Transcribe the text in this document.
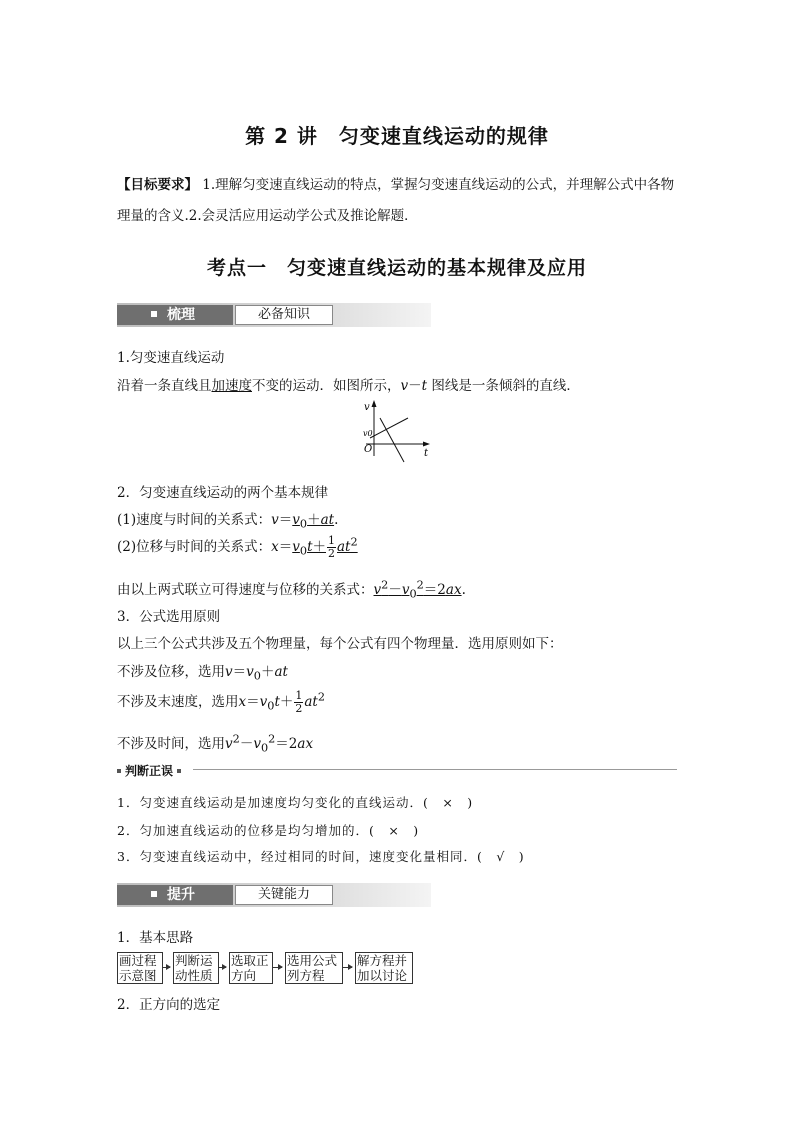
第 2 讲　匀变速直线运动的规律
【目标要求】 1.理解匀变速直线运动的特点，掌握匀变速直线运动的公式，并理解公式中各物理量的含义.2.会灵活应用运动学公式及推论解题．
考点一　匀变速直线运动的基本规律及应用
梳理	必备知识
1.匀变速直线运动
沿着一条直线且加速度不变的运动．如图所示，v－t 图线是一条倾斜的直线．
v
v0
O	t
2．匀变速直线运动的两个基本规律
(1)速度与时间的关系式：$v=v_0+at$.
(2)位移与时间的关系式：$x=v_0t+ \frac{1}{2} at^2$
由以上两式联立可得速度与位移的关系式：$v^2-v_0^2=2ax$.
3．公式选用原则
以上三个公式共涉及五个物理量，每个公式有四个物理量．选用原则如下：
不涉及位移，选用$v=v_0+at$
不涉及末速度，选用$x=v_0t+ \frac{1}{2} at^2$
不涉及时间，选用$v^2-v_0^2=2ax$
判断正误
1．匀变速直线运动是加速度均匀变化的直线运动．(　×　)
2．匀加速直线运动的位移是均匀增加的．(　×　)
3．匀变速直线运动中，经过相同的时间，速度变化量相同．(　√　)
提升	关键能力
1．基本思路
画过程
示意图
判断运
动性质
选取正
方向
选用公式
列方程
解方程并
加以讨论
2．正方向的选定
